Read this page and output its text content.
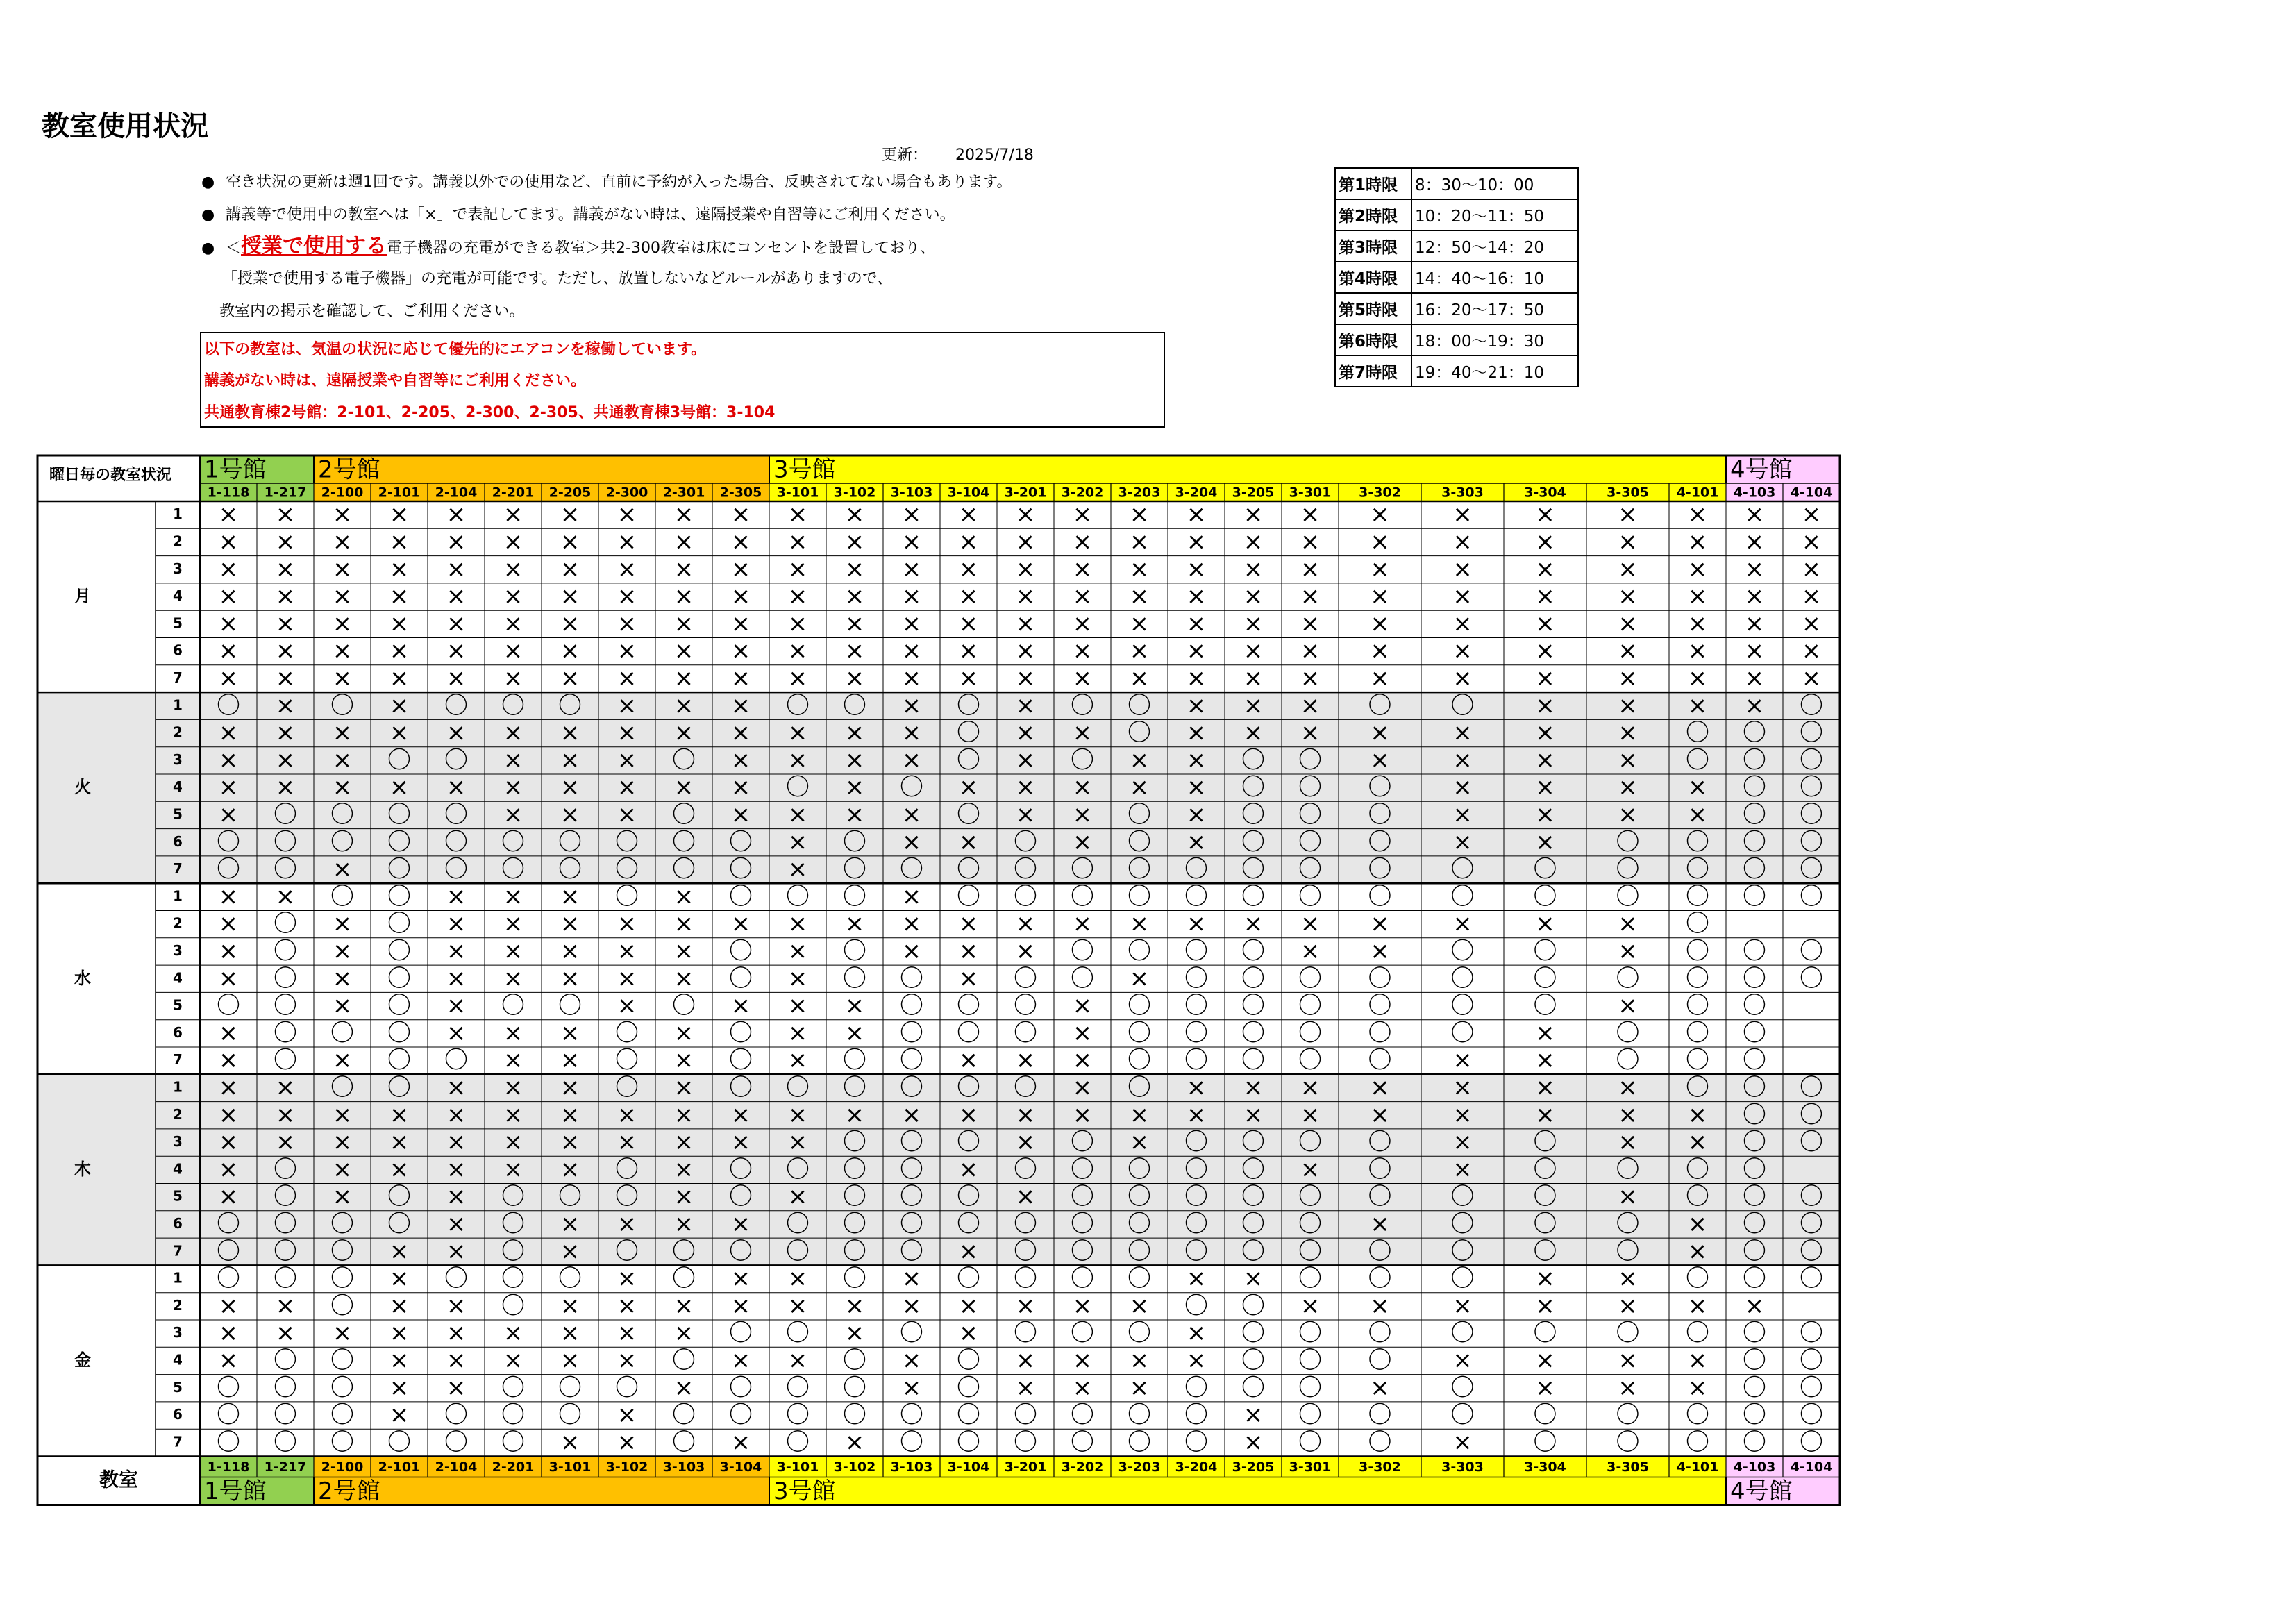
教室使用状況
更新： 2025/7/18
● 空き状況の更新は週1回です。講義以外での使用など、直前に予約が入った場合、反映されてない場合もあります。
● 講義等で使用中の教室へは「×」で表記してます。講義がない時は、遠隔授業や自習等にご利用ください。
● ＜授業で使用する電子機器の充電ができる教室＞共2-300教室は床にコンセントを設置しており、
「授業で使用する電子機器」の充電が可能です。ただし、放置しないなどルールがありますので、
教室内の掲示を確認して、ご利用ください。
以下の教室は、気温の状況に応じて優先的にエアコンを稼働しています。
講義がない時は、遠隔授業や自習等にご利用ください。
共通教育棟2号館：2-101、2-205、2-300、2-305、共通教育棟3号館：3-104
第1時限	8：30～10：00
第2時限	10：20～11：50
第3時限	12：50～14：20
第4時限	14：40～16：10
第5時限	16：20～17：50
第6時限	18：00～19：30
第7時限	19：40～21：10
1号館 2号館	3号館	4号館
1-118 1-217 2-100 2-101 2-104 2-201 2-205 2-300 2-301 2-305 3-101 3-102 3-103 3-104 3-201 3-202 3-203 3-204 3-205 3-301 3-302	3-303	3-304	3-305 4-101 4-103 4-104
曜日毎の教室状況
月
1 × × × × × × × × × × × × × × × × × × × × ×	×	×	× × × ×
2 × × × × × × × × × × × × × × × × × × × × ×	×	×	× × × ×
3 × × × × × × × × × × × × × × × × × × × × ×	×	×	× × × ×
4 × × × × × × × × × × × × × × × × × × × × ×	×	×	× × × ×
5 × × × × × × × × × × × × × × × × × × × × ×	×	×	× × × ×
6 × × × × × × × × × × × × × × × × × × × × ×	×	×	× × × ×
7 × × × × × × × × × × × × × × × × × × × × ×	×	×	× × × ×
火
1 〇 × 〇 × 〇 〇 〇 × × × 〇 〇 × 〇 × 〇 〇 × × × 〇	〇	×	× × × 〇
2 × × × × × × × × × × × × × 〇 × × 〇 × × × ×	×	×	× 〇 〇 〇
3 × × × 〇 〇 × × × 〇 × × × × 〇 × 〇 × × 〇 〇 ×	×	×	× 〇 〇 〇
4 × × × × × × × × × × 〇 × 〇 × × × × × 〇 〇 〇	×	×	× × 〇 〇
5 × 〇 〇 〇 〇 × × × 〇 × × × × 〇 × × 〇 × 〇 〇 〇	×	×	× × 〇 〇
6 〇 〇 〇 〇 〇 〇 〇 〇 〇 〇 × 〇 × × 〇 × 〇 × 〇 〇 〇	×	×	〇 〇 〇 〇
7 〇 〇 × 〇 〇 〇 〇 〇 〇 〇 × 〇 〇 〇 〇 〇 〇 〇 〇 〇 〇	〇	〇	〇 〇 〇 〇
水
1 × × 〇 〇 × × × 〇 × 〇 〇 〇 × 〇 〇 〇 〇 〇 〇 〇 〇	〇	〇	〇 〇 〇 〇
2 × 〇 × 〇 × × × × × × × × × × × × × × × × ×	×	×	× 〇
3 × 〇 × 〇 × × × × × 〇 × 〇 × × × 〇 〇 〇 〇 × ×	〇	〇	× 〇 〇 〇
4 × 〇 × 〇 × × × × × 〇 × 〇 〇 × 〇 〇 × 〇 〇 〇 〇	〇	〇	〇 〇 〇 〇
5 〇 〇 × 〇 × 〇 〇 × 〇 × × × 〇 〇 〇 × 〇 〇 〇 〇 〇	〇	〇	× 〇 〇
6 × 〇 〇 〇 × × × 〇 × 〇 × × 〇 〇 〇 × 〇 〇 〇 〇 〇	〇	×	〇 〇 〇
7 × 〇 × 〇 〇 × × 〇 × 〇 × 〇 〇 × × × 〇 〇 〇 〇 〇	×	×	〇 〇 〇
木
1 × × 〇 〇 × × × 〇 × 〇 〇 〇 〇 〇 〇 × 〇 × × × ×	×	×	× 〇 〇 〇
2 × × × × × × × × × × × × × × × × × × × × ×	×	×	× × 〇 〇
3 × × × × × × × × × × × 〇 〇 〇 × 〇 × 〇 〇 〇 〇	×	〇	× × 〇 〇
4 × 〇 × × × × × 〇 × 〇 〇 〇 〇 × 〇 〇 〇 〇 〇 × 〇	×	〇	〇 〇 〇
5 × 〇 × 〇 × 〇 〇 〇 × 〇 × 〇 〇 〇 × 〇 〇 〇 〇 〇 〇	〇	〇	× 〇 〇 〇
6 〇 〇 〇 〇 × 〇 × × × × 〇 〇 〇 〇 〇 〇 〇 〇 〇 〇 ×	〇	〇	〇 × 〇 〇
7 〇 〇 〇 × × 〇 × 〇 〇 〇 〇 〇 〇 × 〇 〇 〇 〇 〇 〇 〇	〇	〇	〇 × 〇 〇
金
1 〇 〇 〇 × 〇 〇 〇 × 〇 × × 〇 × 〇 〇 〇 〇 × × 〇 〇	〇	×	× 〇 〇 〇
2 × × 〇 × × 〇 × × × × × × × × × × × 〇 〇 × ×	×	×	× × ×
3 × × × × × × × × × 〇 〇 × 〇 × 〇 〇 〇 × 〇 〇 〇	〇	〇	〇 〇 〇 〇
4 × 〇 〇 × × × × × 〇 × × 〇 × 〇 × × × × 〇 〇 〇	×	×	× × 〇 〇
5 〇 〇 〇 × × 〇 〇 〇 × 〇 〇 〇 × 〇 × × × 〇 〇 〇 ×	〇	×	× × 〇 〇
6 〇 〇 〇 × 〇 〇 〇 × 〇 〇 〇 〇 〇 〇 〇 〇 〇 〇 × 〇 〇	〇	〇	〇 〇 〇 〇
7 〇 〇 〇 〇 〇 〇 × × 〇 × 〇 × 〇 〇 〇 〇 〇 〇 × 〇 〇	×	〇	〇 〇 〇 〇
1-118 1-217 2-100 2-101 2-104 2-201 3-101 3-102 3-103 3-104 3-101 3-102 3-103 3-104 3-201 3-202 3-203 3-204 3-205 3-301 3-302	3-303	3-304	3-305 4-101 4-103 4-104
1号館 2号館	3号館	4号館
教室
